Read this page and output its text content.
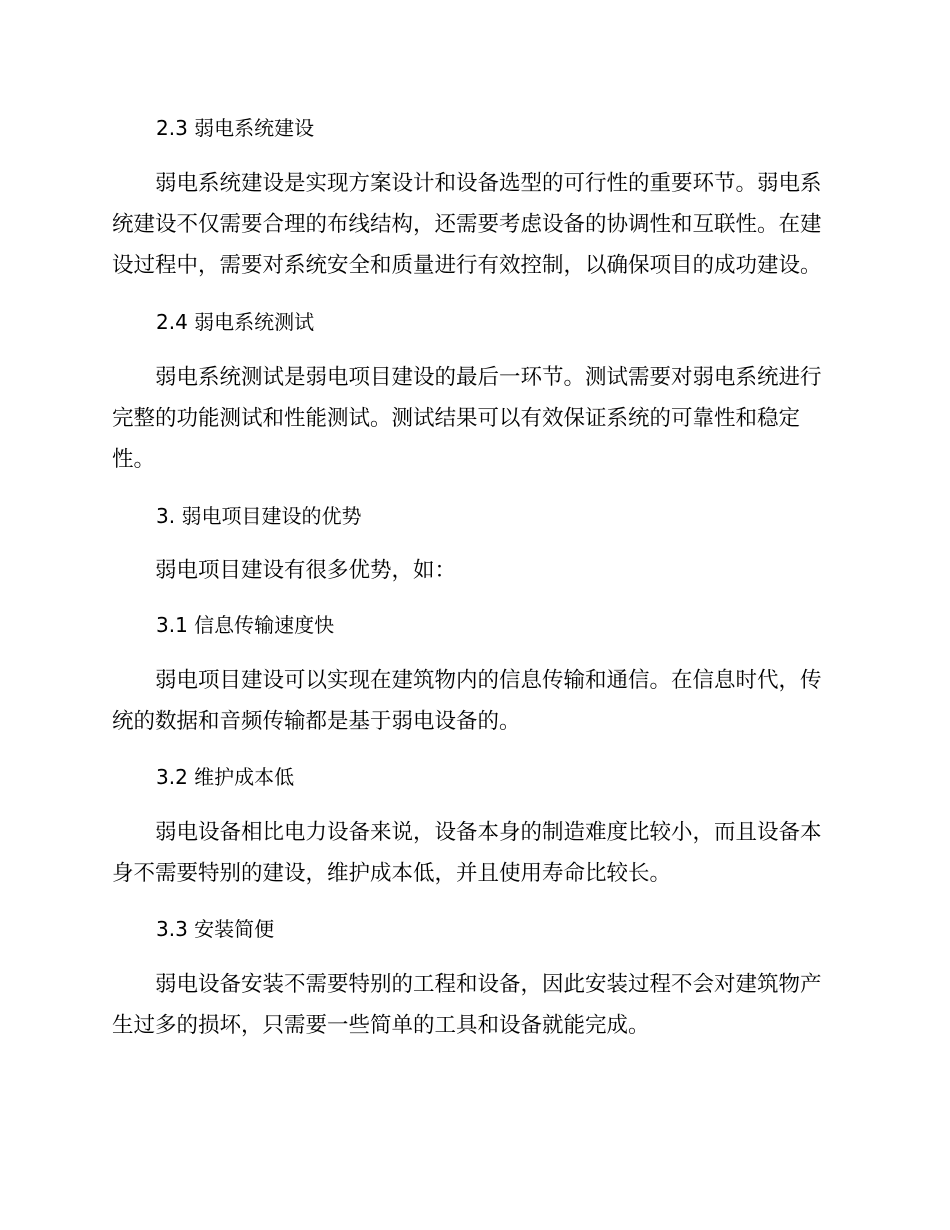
2.3 弱电系统建设

弱电系统建设是实现方案设计和设备选型的可行性的重要环节。弱电系
统建设不仅需要合理的布线结构，还需要考虑设备的协调性和互联性。在建
设过程中，需要对系统安全和质量进行有效控制，以确保项目的成功建设。

2.4 弱电系统测试

弱电系统测试是弱电项目建设的最后一环节。测试需要对弱电系统进行
完整的功能测试和性能测试。测试结果可以有效保证系统的可靠性和稳定
性。

3. 弱电项目建设的优势

弱电项目建设有很多优势，如：

3.1 信息传输速度快

弱电项目建设可以实现在建筑物内的信息传输和通信。在信息时代，传
统的数据和音频传输都是基于弱电设备的。

3.2 维护成本低

弱电设备相比电力设备来说，设备本身的制造难度比较小，而且设备本
身不需要特别的建设，维护成本低，并且使用寿命比较长。

3.3 安装简便

弱电设备安装不需要特别的工程和设备，因此安装过程不会对建筑物产
生过多的损坏，只需要一些简单的工具和设备就能完成。
